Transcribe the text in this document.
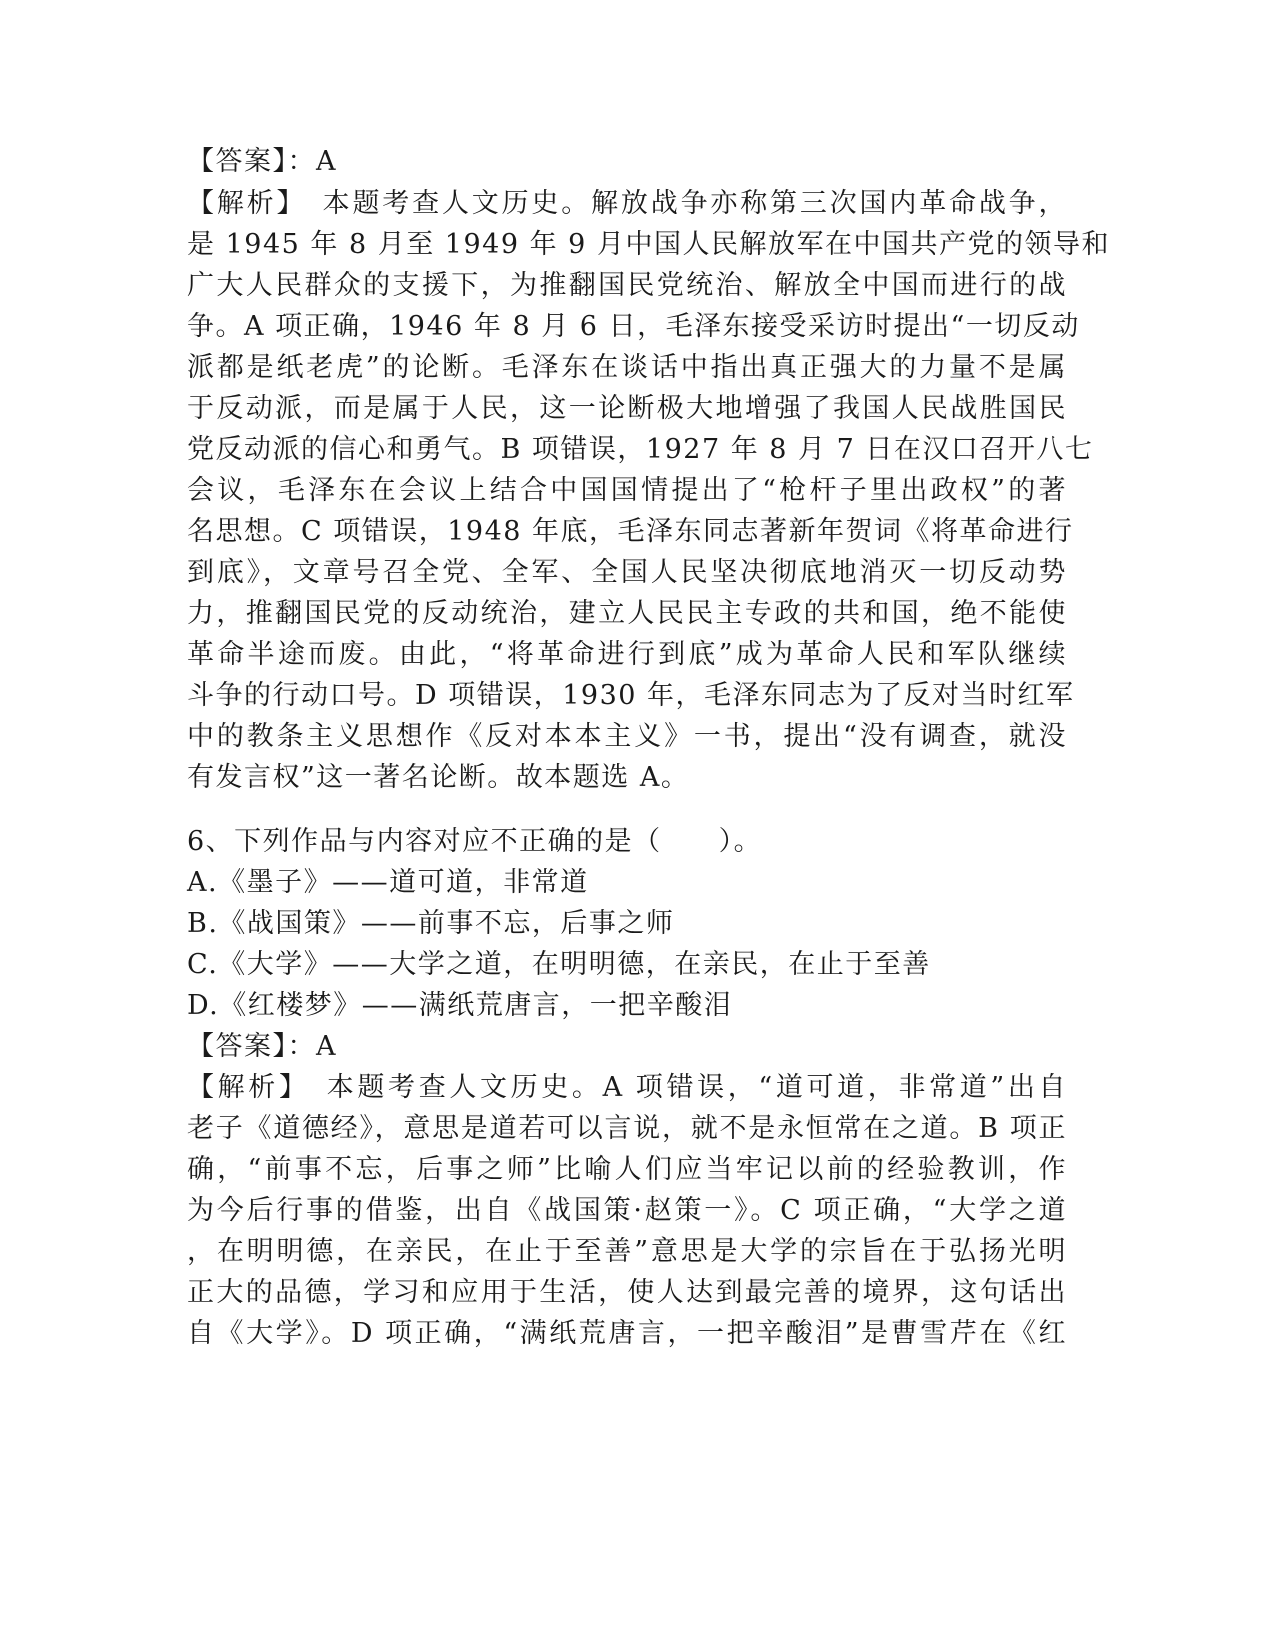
【答案】：A
【解析】　本题考查人文历史。解放战争亦称第三次国内革命战争，
是 1945 年 8 月至 1949 年 9 月中国人民解放军在中国共产党的领导和
广大人民群众的支援下，为推翻国民党统治、解放全中国而进行的战
争。A 项正确，1946 年 8 月 6 日，毛泽东接受采访时提出“一切反动
派都是纸老虎”的论断。毛泽东在谈话中指出真正强大的力量不是属
于反动派，而是属于人民，这一论断极大地增强了我国人民战胜国民
党反动派的信心和勇气。B 项错误，1927 年 8 月 7 日在汉口召开八七
会议，毛泽东在会议上结合中国国情提出了“枪杆子里出政权”的著
名思想。C 项错误，1948 年底，毛泽东同志著新年贺词《将革命进行
到底》，文章号召全党、全军、全国人民坚决彻底地消灭一切反动势
力，推翻国民党的反动统治，建立人民民主专政的共和国，绝不能使
革命半途而废。由此，“将革命进行到底”成为革命人民和军队继续
斗争的行动口号。D 项错误，1930 年，毛泽东同志为了反对当时红军
中的教条主义思想作《反对本本主义》一书，提出“没有调查，就没
有发言权”这一著名论断。故本题选 A。
6、下列作品与内容对应不正确的是（　　）。
A.《墨子》——道可道，非常道
B.《战国策》——前事不忘，后事之师
C.《大学》——大学之道，在明明德，在亲民，在止于至善
D.《红楼梦》——满纸荒唐言，一把辛酸泪
【答案】：A
【解析】　本题考查人文历史。A 项错误，“道可道，非常道”出自
老子《道德经》，意思是道若可以言说，就不是永恒常在之道。B 项正
确，“前事不忘，后事之师”比喻人们应当牢记以前的经验教训，作
为今后行事的借鉴，出自《战国策·赵策一》。C 项正确，“大学之道
，在明明德，在亲民，在止于至善”意思是大学的宗旨在于弘扬光明
正大的品德，学习和应用于生活，使人达到最完善的境界，这句话出
自《大学》。D 项正确，“满纸荒唐言，一把辛酸泪”是曹雪芹在《红
